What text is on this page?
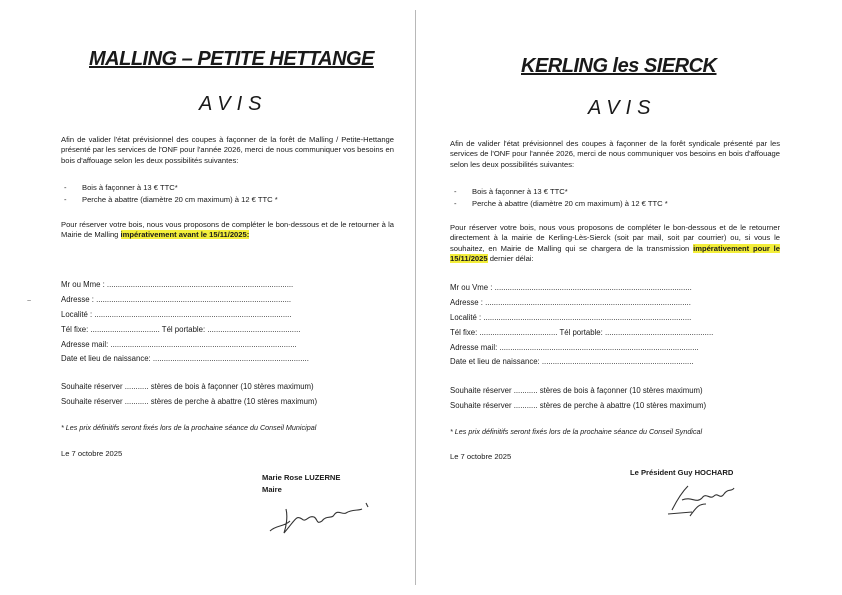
MALLING – PETITE HETTANGE
AVIS
Afin de valider l'état prévisionnel des coupes à façonner de la forêt de Malling / Petite-Hettange présenté par les services de l'ONF pour l'année 2026, merci de nous communiquer vos besoins en bois d'affouage selon les deux possibilités suivantes:
- Bois à façonner à 13 € TTC*
- Perche à abattre (diamètre 20 cm maximum) à 12 € TTC *
Pour réserver votre bois, nous vous proposons de compléter le bon-dessous et de le retourner à la Mairie de Malling impérativement avant le 15/11/2025:
Mr ou Mme : ......................................................................................
Adresse : ..........................................................................................
Localité : ...........................................................................................
Tél fixe: ................................ Tél portable: ...........................................
Adresse mail: ......................................................................................
Date et lieu de naissance: ........................................................................
Souhaite réserver ........... stères de bois à façonner (10 stères maximum)
Souhaite réserver ........... stères de perche à abattre (10 stères maximum)
* Les prix définitifs seront fixés lors de la prochaine séance du Conseil Municipal
Le 7 octobre 2025
Marie Rose LUZERNE
Maire
~
KERLING les SIERCK
AVIS
Afin de valider l'état prévisionnel des coupes à façonner de la forêt syndicale présenté par les services de l'ONF pour l'année 2026, merci de nous communiquer vos besoins en bois d'affouage selon les deux possibilités suivantes:
- Bois à façonner à 13 € TTC*
- Perche à abattre (diamètre 20 cm maximum) à 12 € TTC *
Pour réserver votre bois, nous vous proposons de compléter le bon-dessous et de le retourner directement à la mairie de Kerling-Lès-Sierck (soit par mail, soit par courrier) ou, si vous le souhaitez, en Mairie de Malling qui se chargera de la transmission impérativement pour le 15/11/2025 dernier délai:
Mr ou Vme : ...........................................................................................
Adresse : ...............................................................................................
Localité : ................................................................................................
Tél fixe: .................................... Tél portable: ..................................................
Adresse mail: ............................................................................................
Date et lieu de naissance: ......................................................................
Souhaite réserver ........... stères de bois à façonner (10 stères maximum)
Souhaite réserver ........... stères de perche à abattre (10 stères maximum)
* Les prix définitifs seront fixés lors de la prochaine séance du Conseil Syndical
Le 7 octobre 2025
Le Président Guy HOCHARD
